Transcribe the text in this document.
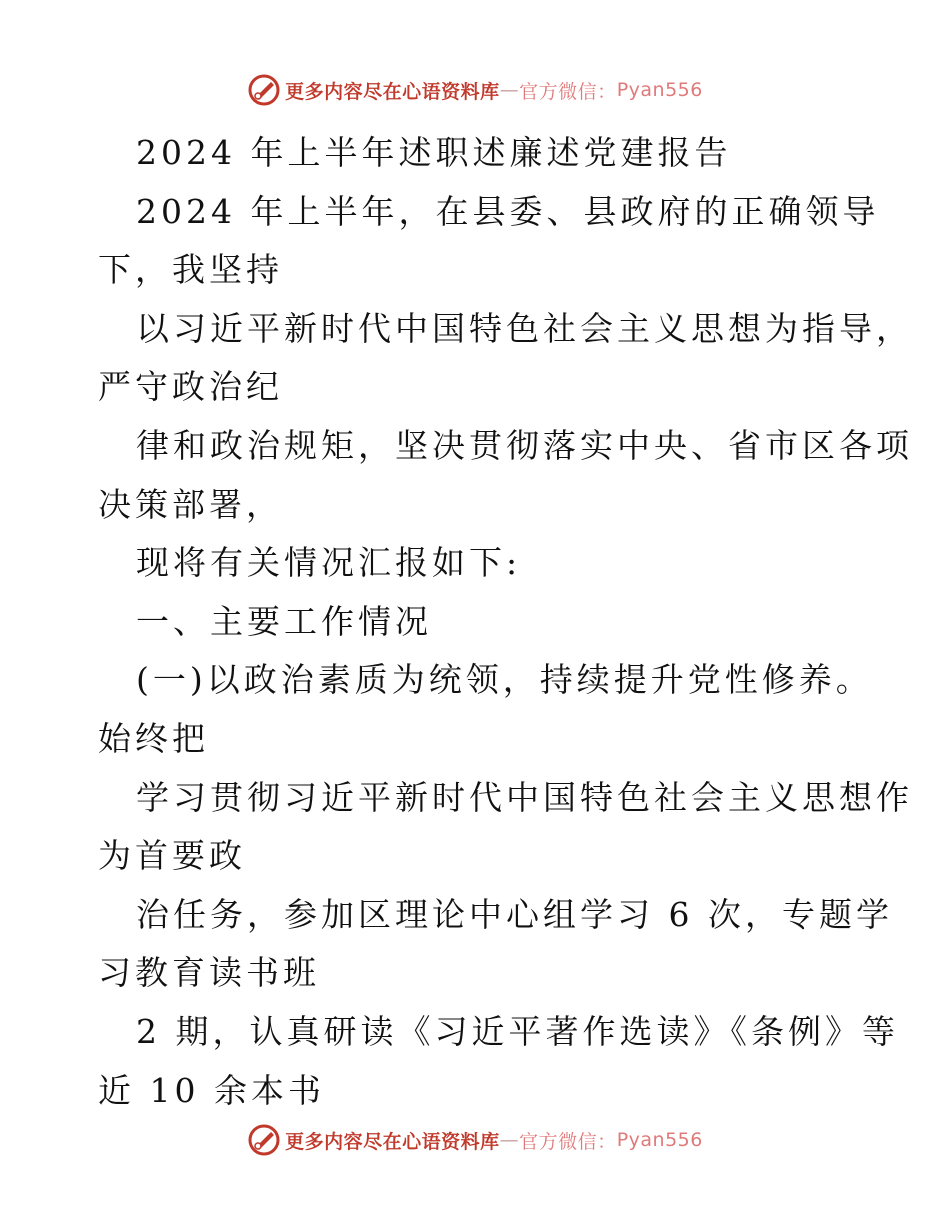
更多内容尽在心语资料库 — 官方微信： Pyan556
2024 年上半年述职述廉述党建报告
2024 年上半年，在县委、县政府的正确领导
下，我坚持
以习近平新时代中国特色社会主义思想为指导，
严守政治纪
律和政治规矩，坚决贯彻落实中央、省市区各项
决策部署，
现将有关情况汇报如下:
一、主要工作情况
(一)以政治素质为统领，持续提升党性修养。
始终把
学习贯彻习近平新时代中国特色社会主义思想作
为首要政
治任务，参加区理论中心组学习 6 次，专题学
习教育读书班
2 期，认真研读《习近平著作选读》《条例》等
近 10 余本书
更多内容尽在心语资料库 — 官方微信： Pyan556
